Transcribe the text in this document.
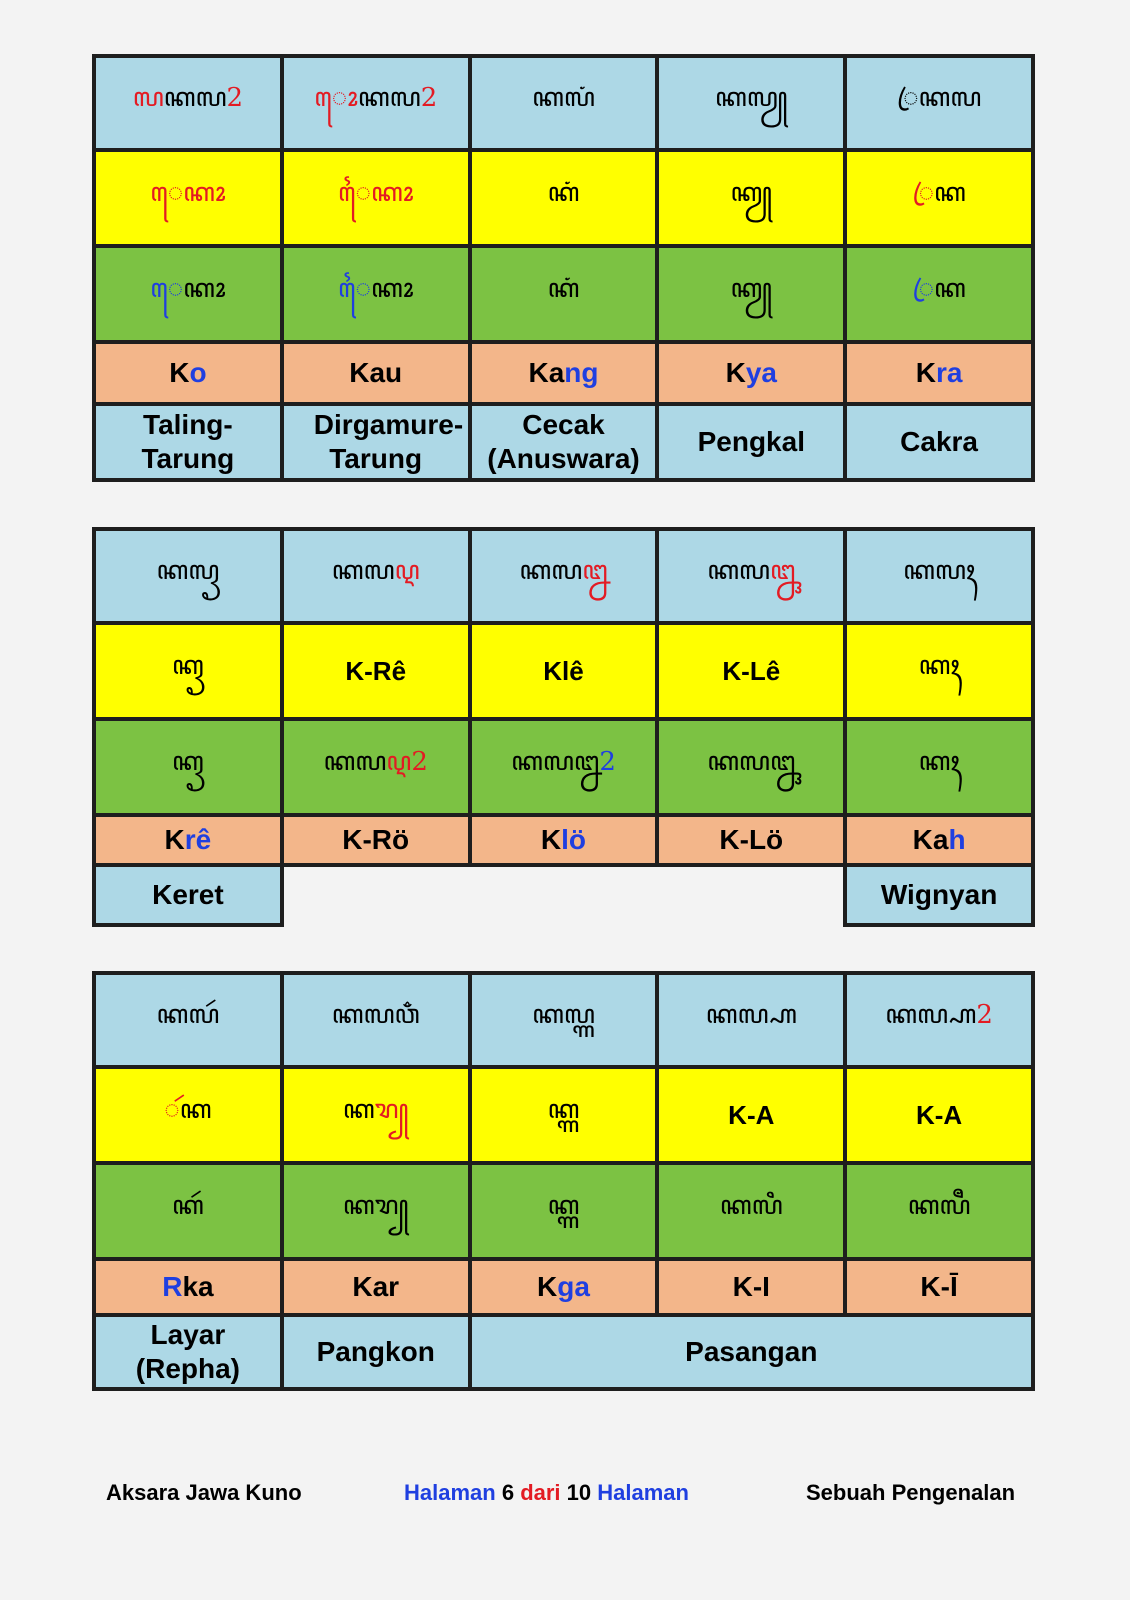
ꦭꦏꦭ2	ꦺꦴꦏꦭ2	ꦏꦭꦁ	ꦏꦭ	ꦿꦏꦭ
ꦺꦏꦴ	ꦻꦏꦴ	ꦏꦁ	ꦏ	ꦿꦏ
ꦺꦏꦴ	ꦻꦏꦴ	ꦏꦁ	ꦏ	ꦿꦏ
Ko	Kau	Kang	Kya	Kra

Taling-Tarung	Dirgamure-Tarung	Cecak (Anuswara)	Pengkal	Cakra
ꦏꦭ	ꦏꦭꦉ	ꦏꦭꦊ	ꦏꦭꦋ	ꦏꦭ
ꦏ	K-Rê	Klê	K-Lê	ꦏ
ꦏ	ꦏꦭꦉ2	ꦏꦭꦊ2	ꦏꦭꦋ	ꦏ
Krê	K-Rö	Klö	K-Lö	Kah

Keret				Wignyan
ꦏꦭ	ꦏꦭꦮ	ꦏꦭ	ꦏꦭ	ꦏꦭ2
ꦂꦏ	ꦏꦫ꧀	ꦏ	K-A	K-A
ꦏꦂ	ꦏꦫ	ꦏ	ꦏꦭ	ꦏꦭ
Rka	Kar	Kga	K-I	K-Ī

Layar (Repha)	Pangkon	Pasangan		
Aksara Jawa Kuno	Halaman 6 dari 10 Halaman	Sebuah Pengenalan
